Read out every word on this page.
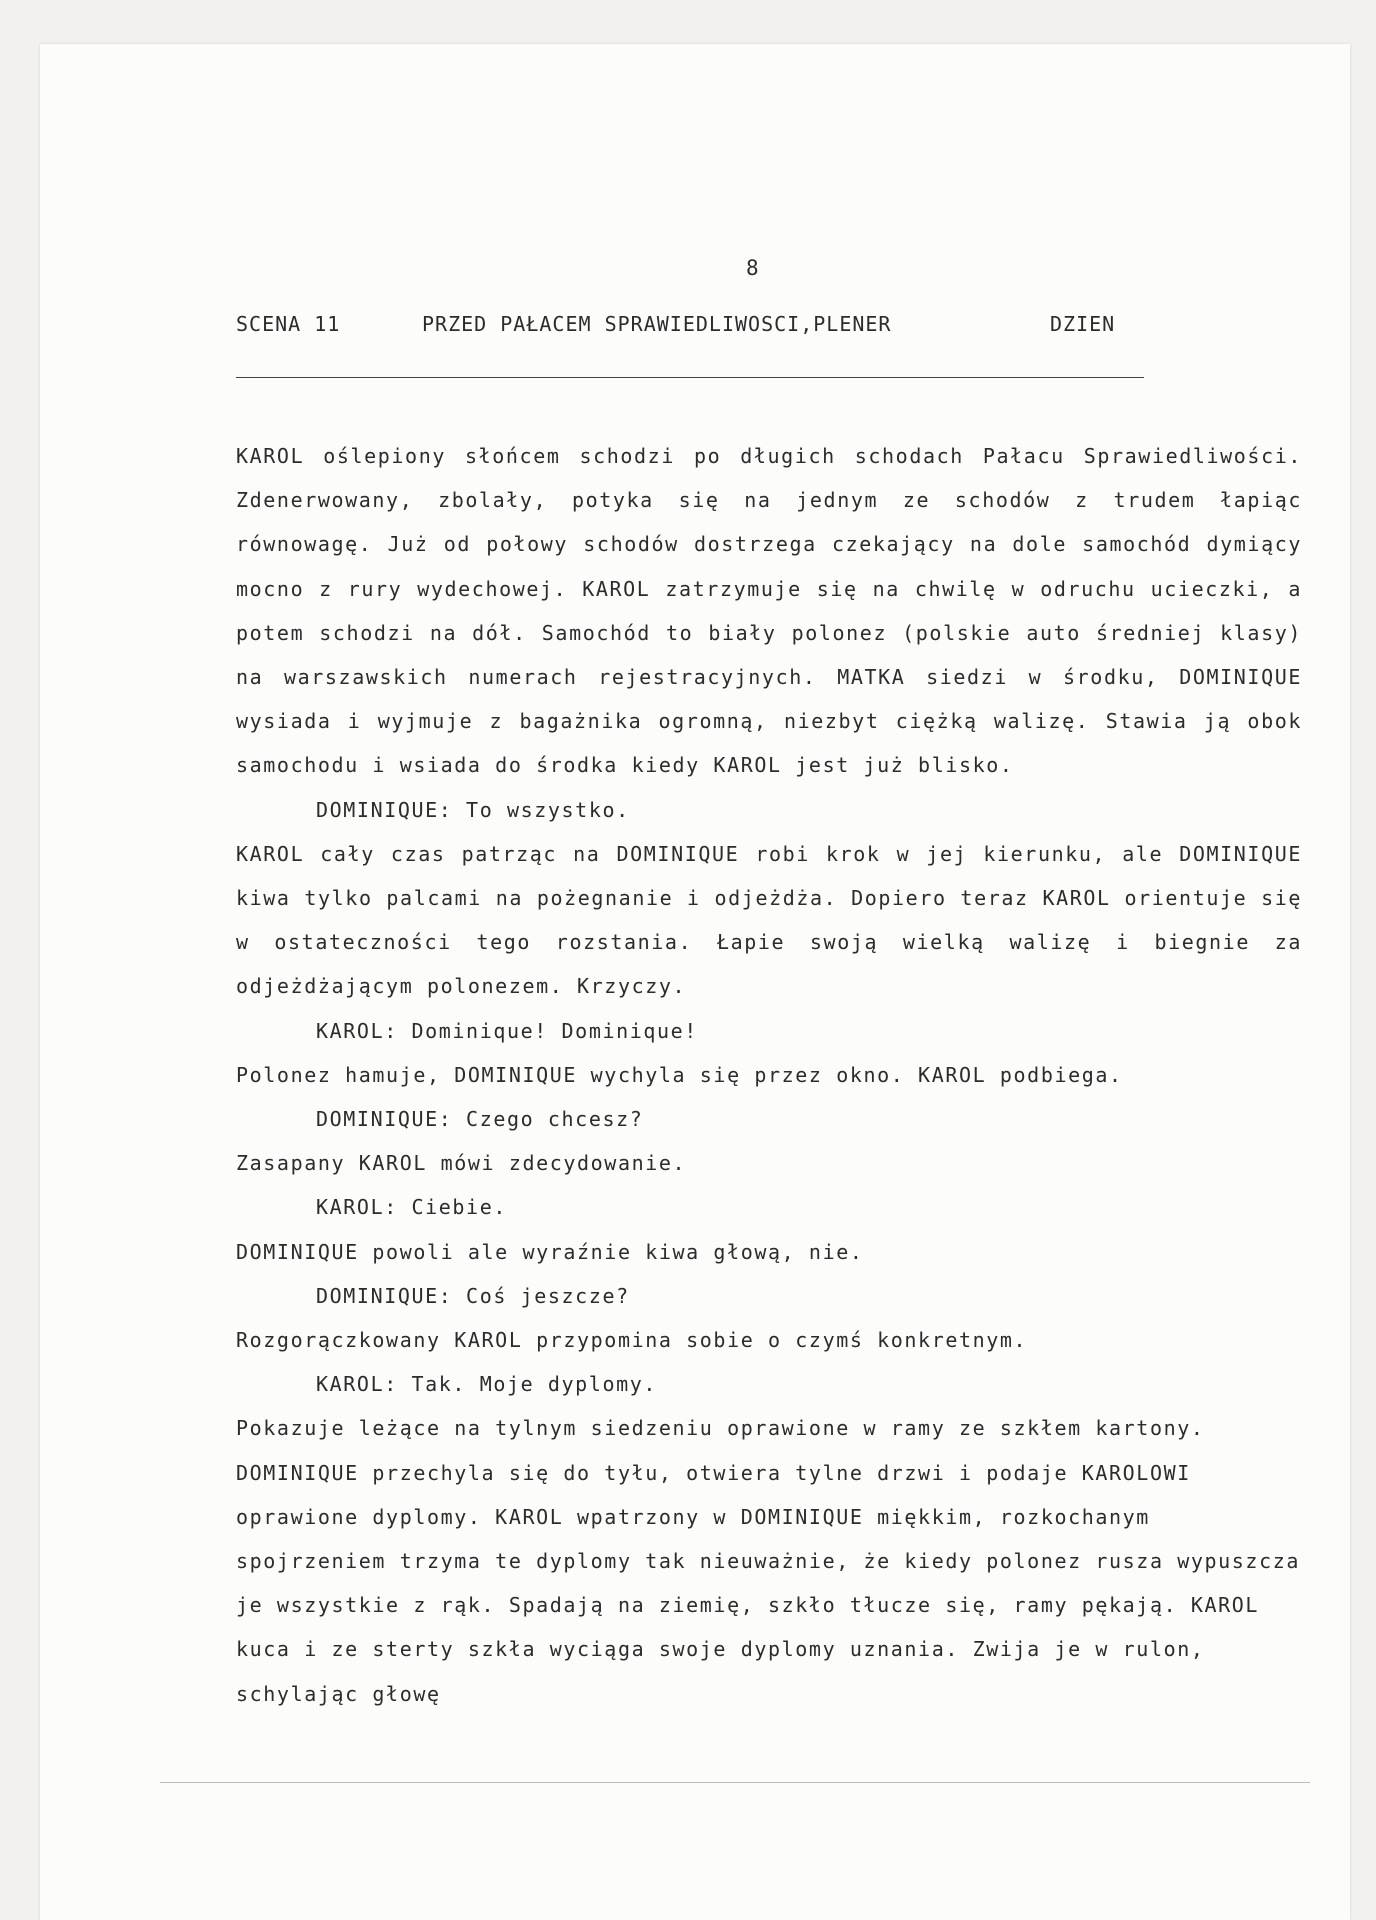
8

SCENA 11

	PRZED PAŁACEM SPRAWIEDLIWOSCI,PLENER

	DZIEN

KAROL oślepiony słońcem schodzi po długich schodach Pałacu Sprawiedliwości. Zdenerwowany, zbolały, potyka się na jednym ze schodów z trudem łapiąc równowagę. Już od połowy schodów dostrzega czekający na dole samochód dymiący mocno z rury wydechowej. KAROL zatrzymuje się na chwilę w odruchu ucieczki, a potem schodzi na dół. Samochód to biały polonez (polskie auto średniej klasy) na warszawskich numerach rejestracyjnych. MATKA siedzi w środku, DOMINIQUE wysiada i wyjmuje z bagażnika ogromną, niezbyt ciężką walizę. Stawia ją obok samochodu i wsiada do środka kiedy KAROL jest już blisko.

DOMINIQUE: To wszystko.

KAROL cały czas patrząc na DOMINIQUE robi krok w jej kierunku, ale DOMINIQUE kiwa tylko palcami na pożegnanie i odjeżdża. Dopiero teraz KAROL orientuje się w ostateczności tego rozstania. Łapie swoją wielką walizę i biegnie za odjeżdżającym polonezem. Krzyczy.

KAROL: Dominique! Dominique!

Polonez hamuje, DOMINIQUE wychyla się przez okno. KAROL podbiega.

DOMINIQUE: Czego chcesz?

Zasapany KAROL mówi zdecydowanie.

KAROL: Ciebie.

DOMINIQUE powoli ale wyraźnie kiwa głową, nie.

DOMINIQUE: Coś jeszcze?

Rozgorączkowany KAROL przypomina sobie o czymś konkretnym.

KAROL: Tak. Moje dyplomy.

Pokazuje leżące na tylnym siedzeniu oprawione w ramy ze szkłem kartony. DOMINIQUE przechyla się do tyłu, otwiera tylne drzwi i podaje KAROLOWI oprawione dyplomy. KAROL wpatrzony w DOMINIQUE miękkim, rozkochanym spojrzeniem trzyma te dyplomy tak nieuważnie, że kiedy polonez rusza wypuszcza je wszystkie z rąk. Spadają na ziemię, szkło tłucze się, ramy pękają. KAROL kuca i ze sterty szkła wyciąga swoje dyplomy uznania. Zwija je w rulon, schylając głowę
